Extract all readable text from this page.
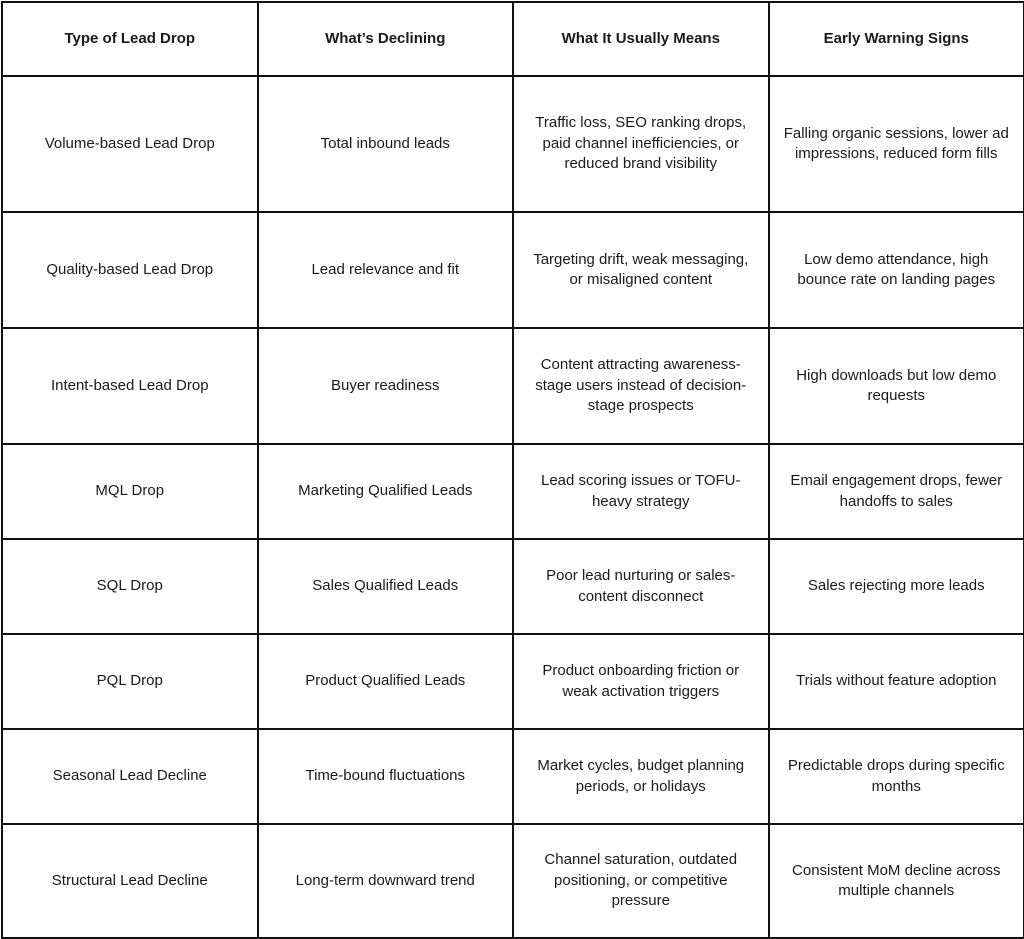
Type of Lead Drop	What’s Declining	What It Usually Means	Early Warning Signs
Volume-based Lead Drop	Total inbound leads	Traffic loss, SEO ranking drops, paid channel inefficiencies, or reduced brand visibility	Falling organic sessions, lower ad impressions, reduced form fills
Quality-based Lead Drop	Lead relevance and fit	Targeting drift, weak messaging, or misaligned content	Low demo attendance, high bounce rate on landing pages
Intent-based Lead Drop	Buyer readiness	Content attracting awareness-stage users instead of decision-stage prospects	High downloads but low demo requests
MQL Drop	Marketing Qualified Leads	Lead scoring issues or TOFU-heavy strategy	Email engagement drops, fewer handoffs to sales
SQL Drop	Sales Qualified Leads	Poor lead nurturing or sales-content disconnect	Sales rejecting more leads
PQL Drop	Product Qualified Leads	Product onboarding friction or weak activation triggers	Trials without feature adoption
Seasonal Lead Decline	Time-bound fluctuations	Market cycles, budget planning periods, or holidays	Predictable drops during specific months
Structural Lead Decline	Long-term downward trend	Channel saturation, outdated positioning, or competitive pressure	Consistent MoM decline across multiple channels
